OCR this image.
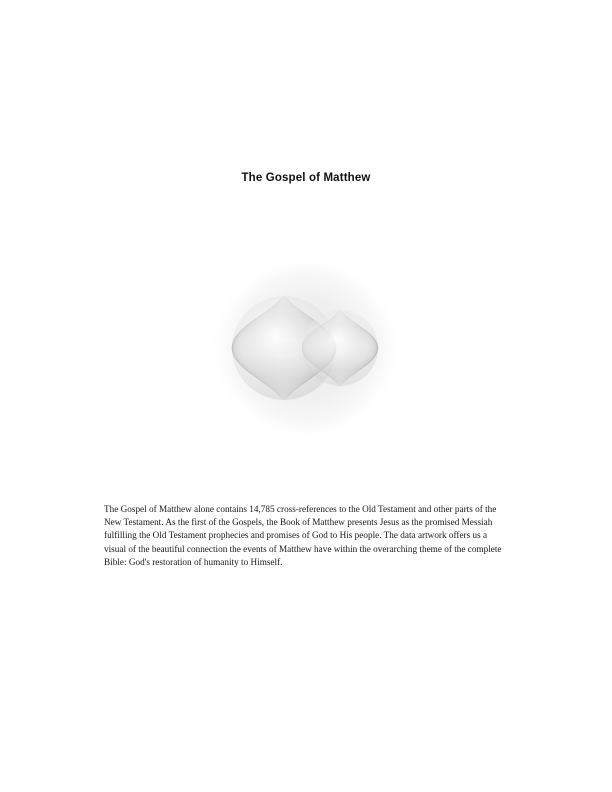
The Gospel of Matthew
The Gospel of Matthew alone contains 14,785 cross-references to the Old Testament and other parts of the New Testament. As the first of the Gospels, the Book of Matthew presents Jesus as the promised Messiah fulfilling the Old Testament prophecies and promises of God to His people. The data artwork offers us a visual of the beautiful connection the events of Matthew have within the overarching theme of the complete Bible: God's restoration of humanity to Himself.
